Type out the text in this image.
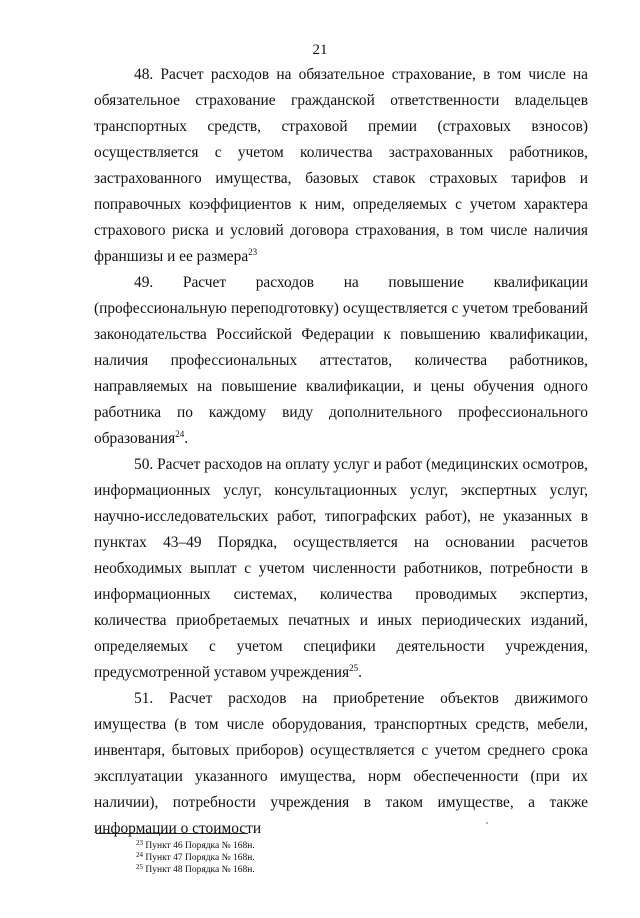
21

48. Расчет расходов на обязательное страхование, в том числе на обязательное страхование гражданской ответственности владельцев транспортных средств, страховой премии (страховых взносов) осуществляется с учетом количества застрахованных работников, застрахованного имущества, базовых ставок страховых тарифов и поправочных коэффициентов к ним, определяемых с учетом характера страхового риска и условий договора страхования, в том числе наличия франшизы и ее размера$^{23}$

49. Расчет расходов на повышение квалификации (профессиональную переподготовку) осуществляется с учетом требований законодательства Российской Федерации к повышению квалификации, наличия профессиональных аттестатов, количества работников, направляемых на повышение квалификации, и цены обучения одного работника по каждому виду дополнительного профессионального образования$^{24}$.

50. Расчет расходов на оплату услуг и работ (медицинских осмотров, информационных услуг, консультационных услуг, экспертных услуг, научно-исследовательских работ, типографских работ), не указанных в пунктах 43–49 Порядка, осуществляется на основании расчетов необходимых выплат с учетом численности работников, потребности в информационных системах, количества проводимых экспертиз, количества приобретаемых печатных и иных периодических изданий, определяемых с учетом специфики деятельности учреждения, предусмотренной уставом учреждения$^{25}$.

51. Расчет расходов на приобретение объектов движимого имущества (в том числе оборудования, транспортных средств, мебели, инвентаря, бытовых приборов) осуществляется с учетом среднего срока эксплуатации указанного имущества, норм обеспеченности (при их наличии), потребности учреждения в таком имуществе, а также информации о стоимости

$^{23}$ Пункт 46 Порядка № 168н.

$^{24}$ Пункт 47 Порядка № 168н.

$^{25}$ Пункт 48 Порядка № 168н.
